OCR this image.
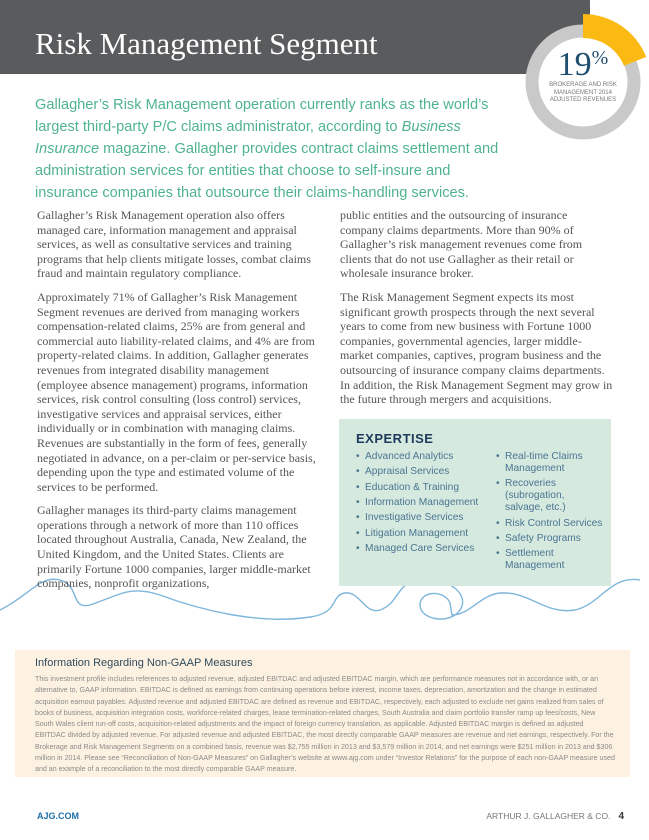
Risk Management Segment
19%
BROKERAGE AND RISK MANAGEMENT 2014 ADJUSTED REVENUES

Gallagher’s Risk Management operation currently ranks as the world’s largest third-party P/C claims administrator, according to Business Insurance magazine. Gallagher provides contract claims settlement and administration services for entities that choose to self-insure and insurance companies that outsource their claims-handling services.

Gallagher’s Risk Management operation also offers managed care, information management and appraisal services, as well as consultative services and training programs that help clients mitigate losses, combat claims fraud and maintain regulatory compliance.

Approximately 71% of Gallagher’s Risk Management Segment revenues are derived from managing workers compensation-related claims, 25% are from general and commercial auto liability-related claims, and 4% are from property-related claims. In addition, Gallagher generates revenues from integrated disability management (employee absence management) programs, information services, risk control consulting (loss control) services, investigative services and appraisal services, either individually or in combination with managing claims. Revenues are substantially in the form of fees, generally negotiated in advance, on a per-claim or per-service basis, depending upon the type and estimated volume of the services to be performed.

Gallagher manages its third-party claims management operations through a network of more than 110 offices located throughout Australia, Canada, New Zealand, the United Kingdom, and the United States. Clients are primarily Fortune 1000 companies, larger middle-market companies, nonprofit organizations,

public entities and the outsourcing of insurance company claims departments. More than 90% of Gallagher’s risk management revenues come from clients that do not use Gallagher as their retail or wholesale insurance broker.

The Risk Management Segment expects its most significant growth prospects through the next several years to come from new business with Fortune 1000 companies, governmental agencies, larger middle-market companies, captives, program business and the outsourcing of insurance company claims departments. In addition, the Risk Management Segment may grow in the future through mergers and acquisitions.

EXPERTISE
• Advanced Analytics
• Appraisal Services
• Education & Training
• Information Management
• Investigative Services
• Litigation Management
• Managed Care Services
• Real-time Claims Management
• Recoveries (subrogation, salvage, etc.)
• Risk Control Services
• Safety Programs
• Settlement Management
Information Regarding Non-GAAP Measures

This investment profile includes references to adjusted revenue, adjusted EBITDAC and adjusted EBITDAC margin, which are performance measures not in accordance with, or an alternative to, GAAP information. EBITDAC is defined as earnings from continuing operations before interest, income taxes, depreciation, amortization and the change in estimated acquisition earnout payables. Adjusted revenue and adjusted EBITDAC are defined as revenue and EBITDAC, respectively, each adjusted to exclude net gains realized from sales of books of business, acquisition integration costs, workforce-related charges, lease termination-related charges, South Australia and claim portfolio transfer ramp up fees/costs, New South Wales client run-off costs, acquisition-related adjustments and the impact of foreign currency translation, as applicable. Adjusted EBITDAC margin is defined as adjusted EBITDAC divided by adjusted revenue. For adjusted revenue and adjusted EBITDAC, the most directly comparable GAAP measures are revenue and net earnings, respectively. For the Brokerage and Risk Management Segments on a combined basis, revenue was $2,755 million in 2013 and $3,579 million in 2014, and net earnings were $251 million in 2013 and $306 million in 2014. Please see “Reconciliation of Non-GAAP Measures” on Gallagher’s website at www.ajg.com under “Investor Relations” for the purpose of each non-GAAP measure used and an example of a reconciliation to the most directly comparable GAAP measure.

AJG.COM	ARTHUR J. GALLAGHER & CO. 4
